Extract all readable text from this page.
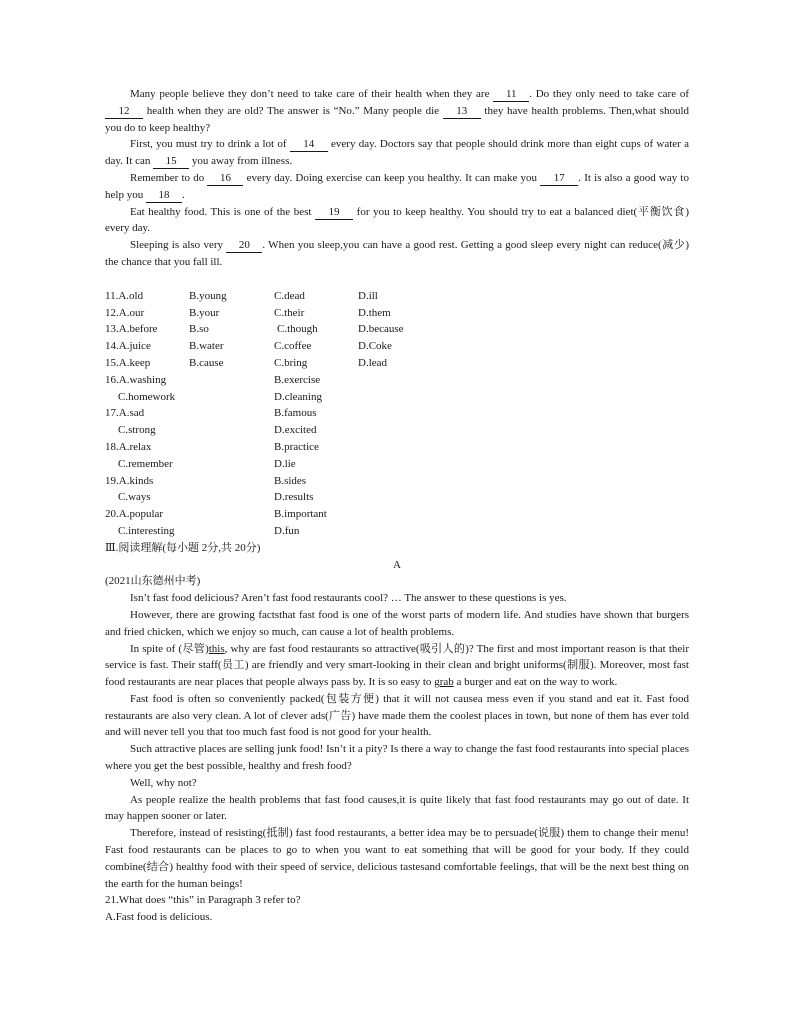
Many people believe they don’t need to take care of their health when they are 11 . Do they only need to take care of 12 health when they are old? The answer is “No.” Many people die 13 they have health problems. Then,what should you do to keep healthy?

First, you must try to drink a lot of 14 every day. Doctors say that people should drink more than eight cups of water a day. It can 15 you away from illness.

Remember to do 16 every day. Doing exercise can keep you healthy. It can make you 17 . It is also a good way to help you 18 .

Eat healthy food. This is one of the best 19 for you to keep healthy. You should try to eat a balanced diet(平衡饮食) every day.

Sleeping is also very 20 . When you sleep,you can have a good rest. Getting a good sleep every night can reduce(减少) the chance that you fall ill.

11.A.old	B.young	C.dead	D.ill
12.A.our	B.your	C.their	D.them
13.A.before	B.so	C.though	D.because
14.A.juice	B.water	C.coffee	D.Coke
15.A.keep	B.cause	C.bring	D.lead
16.A.washing	B.exercise
C.homework	D.cleaning
17.A.sad	B.famous
C.strong	D.excited
18.A.relax	B.practice
C.remember	D.lie
19.A.kinds	B.sides
C.ways	D.results
20.A.popular	B.important
C.interesting	D.fun

Ⅲ.阅读理解(每小题 2分,共 20分)

A

(2021山东德州中考)

Isn’t fast food delicious? Aren’t fast food restaurants cool? … The answer to these questions is yes.

However, there are growing factsthat fast food is one of the worst parts of modern life. And studies have shown that burgers and fried chicken, which we enjoy so much, can cause a lot of health problems.

In spite of (尽管)this, why are fast food restaurants so attractive(吸引人的)? The first and most important reason is that their service is fast. Their staff(员工) are friendly and very smart-looking in their clean and bright uniforms(制服). Moreover, most fast food restaurants are near places that people always pass by. It is so easy to grab a burger and eat on the way to work.

Fast food is often so conveniently packed(包装方便) that it will not causea mess even if you stand and eat it. Fast food restaurants are also very clean. A lot of clever ads(广告) have made them the coolest places in town, but none of them has ever told and will never tell you that too much fast food is not good for your health.

Such attractive places are selling junk food! Isn’t it a pity? Is there a way to change the fast food restaurants into special places where you get the best possible, healthy and fresh food?

Well, why not?

As people realize the health problems that fast food causes,it is quite likely that fast food restaurants may go out of date. It may happen sooner or later.

Therefore, instead of resisting(抵制) fast food restaurants, a better idea may be to persuade(说服) them to change their menu! Fast food restaurants can be places to go to when you want to eat something that will be good for your body. If they could combine(结合) healthy food with their speed of service, delicious tastesand comfortable feelings, that will be the next best thing on the earth for the human beings!

21.What does “this” in Paragraph 3 refer to?

A.Fast food is delicious.
